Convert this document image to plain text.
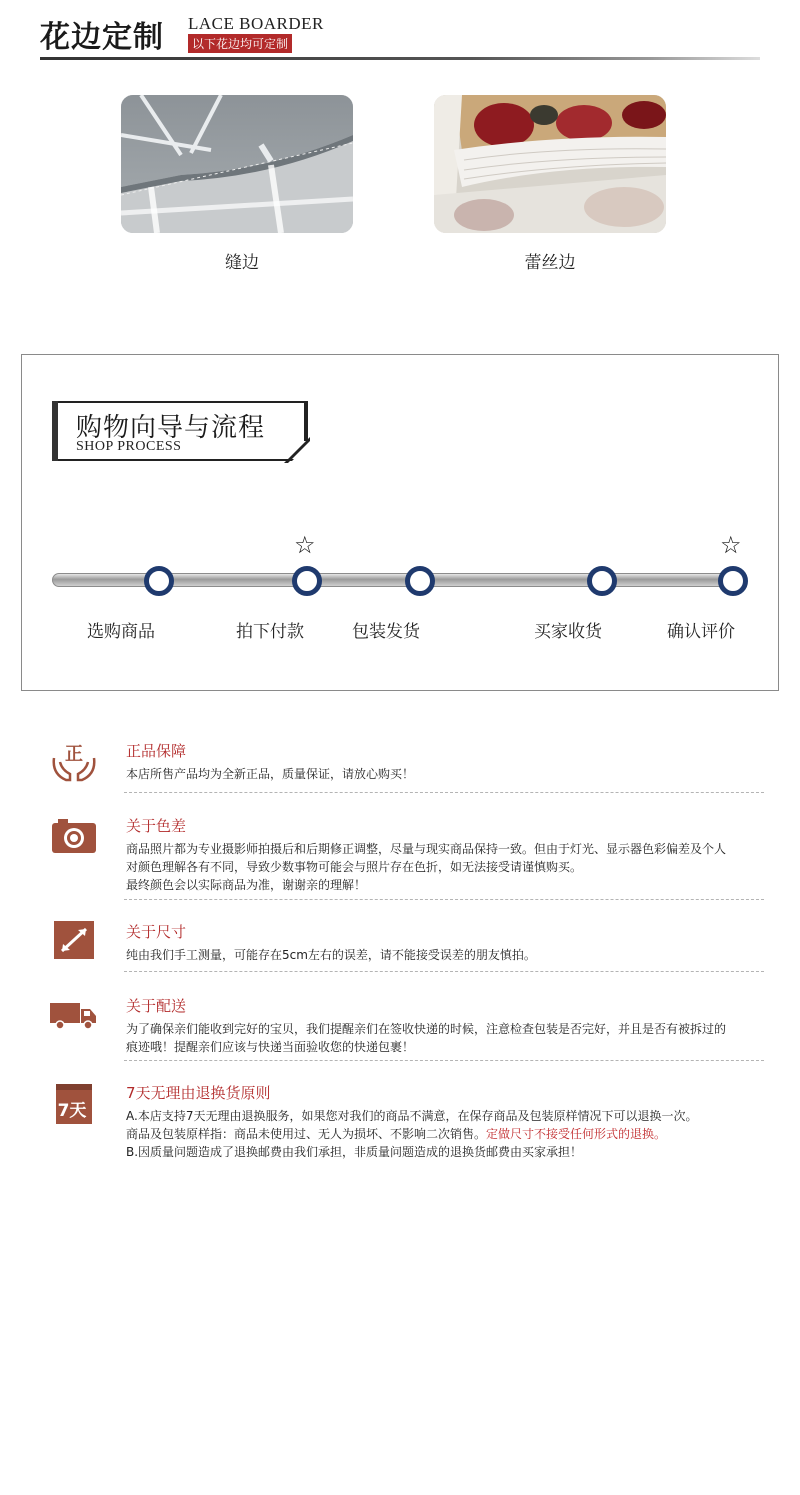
花边定制 LACE BOARDER
以下花边均可定制
缝边	蕾丝边
购物向导与流程
SHOP PROCESS
☆	☆
选购商品	拍下付款	包装发货	买家收货	确认评价
正	正品保障
本店所售产品均为全新正品，质量保证，请放心购买！
关于色差
商品照片都为专业摄影师拍摄后和后期修正调整，尽量与现实商品保持一致。但由于灯光、显示器色彩偏差及个人
对颜色理解各有不同，导致少数事物可能会与照片存在色折，如无法接受请谨慎购买。
最终颜色会以实际商品为准，谢谢亲的理解！
关于尺寸
纯由我们手工测量，可能存在5cm左右的误差，请不能接受误差的朋友慎拍。
关于配送
为了确保亲们能收到完好的宝贝，我们提醒亲们在签收快递的时候，注意检查包装是否完好，并且是否有被拆过的
痕迹哦！提醒亲们应该与快递当面验收您的快递包裹！
7天
7天无理由退换货原则
A.本店支持7天无理由退换服务，如果您对我们的商品不满意，在保存商品及包装原样情况下可以退换一次。
商品及包装原样指：商品未使用过、无人为损坏、不影响二次销售。定做尺寸不接受任何形式的退换。
B.因质量问题造成了退换邮费由我们承担，非质量问题造成的退换货邮费由买家承担！
